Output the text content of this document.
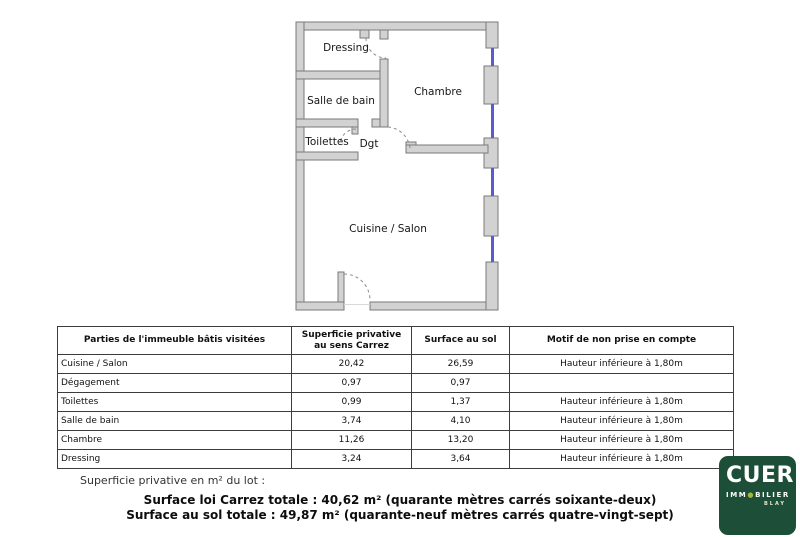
Dressing
Salle de bain
Toilettes Dgt
Chambre
Cuisine / Salon
Parties de l'immeuble bâtis visitées	Superficie privative au sens Carrez	Surface au sol	Motif de non prise en compte
Cuisine / Salon	20,42	26,59	Hauteur inférieure à 1,80m
Dégagement	0,97	0,97	
Toilettes	0,99	1,37	Hauteur inférieure à 1,80m
Salle de bain	3,74	4,10	Hauteur inférieure à 1,80m
Chambre	11,26	13,20	Hauteur inférieure à 1,80m
Dressing	3,24	3,64	Hauteur inférieure à 1,80m
Superficie privative en m² du lot :
Surface loi Carrez totale : 40,62 m² (quarante mètres carrés soixante-deux)
Surface au sol totale : 49,87 m² (quarante-neuf mètres carrés quatre-vingt-sept)
CUER
IMM●BILIER
BLAY
